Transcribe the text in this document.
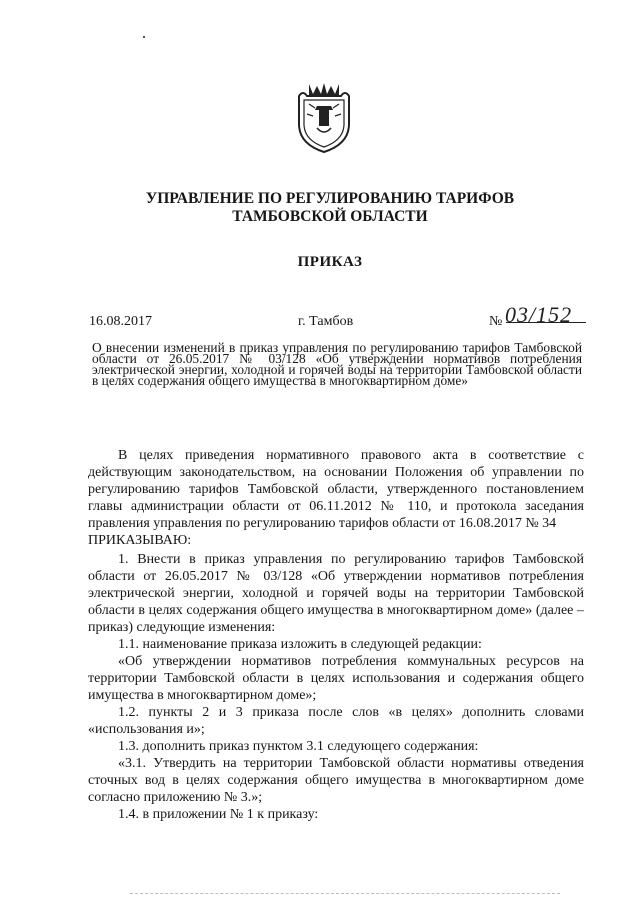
УПРАВЛЕНИЕ ПО РЕГУЛИРОВАНИЮ ТАРИФОВ
ТАМБОВСКОЙ ОБЛАСТИ
ПРИКАЗ
16.08.2017	г. Тамбов	№ 03/152
О внесении изменений в приказ управления по регулированию тарифов Тамбовской области от 26.05.2017 № 03/128 «Об утверждении нормативов потребления электрической энергии, холодной и горячей воды на территории Тамбовской области в целях содержания общего имущества в многоквартирном доме»

В целях приведения нормативного правового акта в соответствие с действующим законодательством, на основании Положения об управлении по регулированию тарифов Тамбовской области, утвержденного постановлением главы администрации области от 06.11.2012 № 110, и протокола заседания правления управления по регулированию тарифов области от 16.08.2017 № 34

ПРИКАЗЫВАЮ:

1. Внести в приказ управления по регулированию тарифов Тамбовской области от 26.05.2017 № 03/128 «Об утверждении нормативов потребления электрической энергии, холодной и горячей воды на территории Тамбовской области в целях содержания общего имущества в многоквартирном доме» (далее – приказ) следующие изменения:

1.1. наименование приказа изложить в следующей редакции:

«Об утверждении нормативов потребления коммунальных ресурсов на территории Тамбовской области в целях использования и содержания общего имущества в многоквартирном доме»;

1.2. пункты 2 и 3 приказа после слов «в целях» дополнить словами «использования и»;

1.3. дополнить приказ пунктом 3.1 следующего содержания:

«3.1. Утвердить на территории Тамбовской области нормативы отведения сточных вод в целях содержания общего имущества в многоквартирном доме согласно приложению № 3.»;

1.4. в приложении № 1 к приказу:
